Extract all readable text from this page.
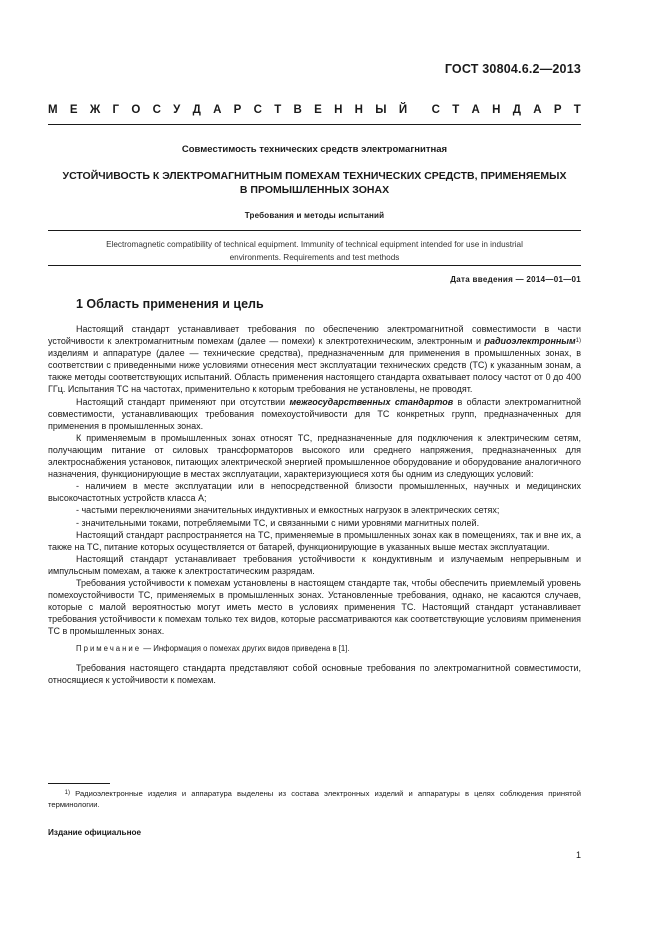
ГОСТ 30804.6.2—2013
М Е Ж Г О С У Д А Р С Т В Е Н Н Ы Й С Т А Н Д А Р Т
Совместимость технических средств электромагнитная
УСТОЙЧИВОСТЬ К ЭЛЕКТРОМАГНИТНЫМ ПОМЕХАМ ТЕХНИЧЕСКИХ СРЕДСТВ, ПРИМЕНЯЕМЫХ
В ПРОМЫШЛЕННЫХ ЗОНАХ
Требования и методы испытаний
Electromagnetic compatibility of technical equipment. Immunity of technical equipment intended for use in industrial
environments. Requirements and test methods
Дата введения — 2014—01—01
1 Область применения и цель

Настоящий стандарт устанавливает требования по обеспечению электромагнитной совместимости в части устойчивости к электромагнитным помехам (далее — помехи) к электротехническим, электронным и радиоэлектронным$^{1)}$ изделиям и аппаратуре (далее — технические средства), предназначенным для применения в промышленных зонах, в соответствии с приведенными ниже условиями отнесения мест эксплуатации технических средств (ТС) к указанным зонам, а также методы соответствующих испытаний. Область применения настоящего стандарта охватывает полосу частот от 0 до 400 ГГц. Испытания ТС на частотах, применительно к которым требования не установлены, не проводят.

Настоящий стандарт применяют при отсутствии межгосударственных стандартов в области электромагнитной совместимости, устанавливающих требования помехоустойчивости для ТС конкретных групп, предназначенных для применения в промышленных зонах.

К применяемым в промышленных зонах относят ТС, предназначенные для подключения к электрическим сетям, получающим питание от силовых трансформаторов высокого или среднего напряжения, предназначенных для электроснабжения установок, питающих электрической энергией промышленное оборудование и оборудование аналогичного назначения, функционирующие в местах эксплуатации, характеризующиеся хотя бы одним из следующих условий:

- наличием в месте эксплуатации или в непосредственной близости промышленных, научных и медицинских высокочастотных устройств класса А;

- частыми переключениями значительных индуктивных и емкостных нагрузок в электрических сетях;

- значительными токами, потребляемыми ТС, и связанными с ними уровнями магнитных полей.

Настоящий стандарт распространяется на ТС, применяемые в промышленных зонах как в помещениях, так и вне их, а также на ТС, питание которых осуществляется от батарей, функционирующие в указанных выше местах эксплуатации.

Настоящий стандарт устанавливает требования устойчивости к кондуктивным и излучаемым непрерывным и импульсным помехам, а также к электростатическим разрядам.

Требования устойчивости к помехам установлены в настоящем стандарте так, чтобы обеспечить приемлемый уровень помехоустойчивости ТС, применяемых в промышленных зонах. Установленные требования, однако, не касаются случаев, которые с малой вероятностью могут иметь место в условиях применения ТС. Настоящий стандарт устанавливает требования устойчивости к помехам только тех видов, которые рассматриваются как соответствующие условиям применения ТС в промышленных зонах.

Примечание — Информация о помехах других видов приведена в [1].

Требования настоящего стандарта представляют собой основные требования по электромагнитной совместимости, относящиеся к устойчивости к помехам.

$^{1)}$ Радиоэлектронные изделия и аппаратура выделены из состава электронных изделий и аппаратуры в целях соблюдения принятой терминологии.
Издание официальное
1
